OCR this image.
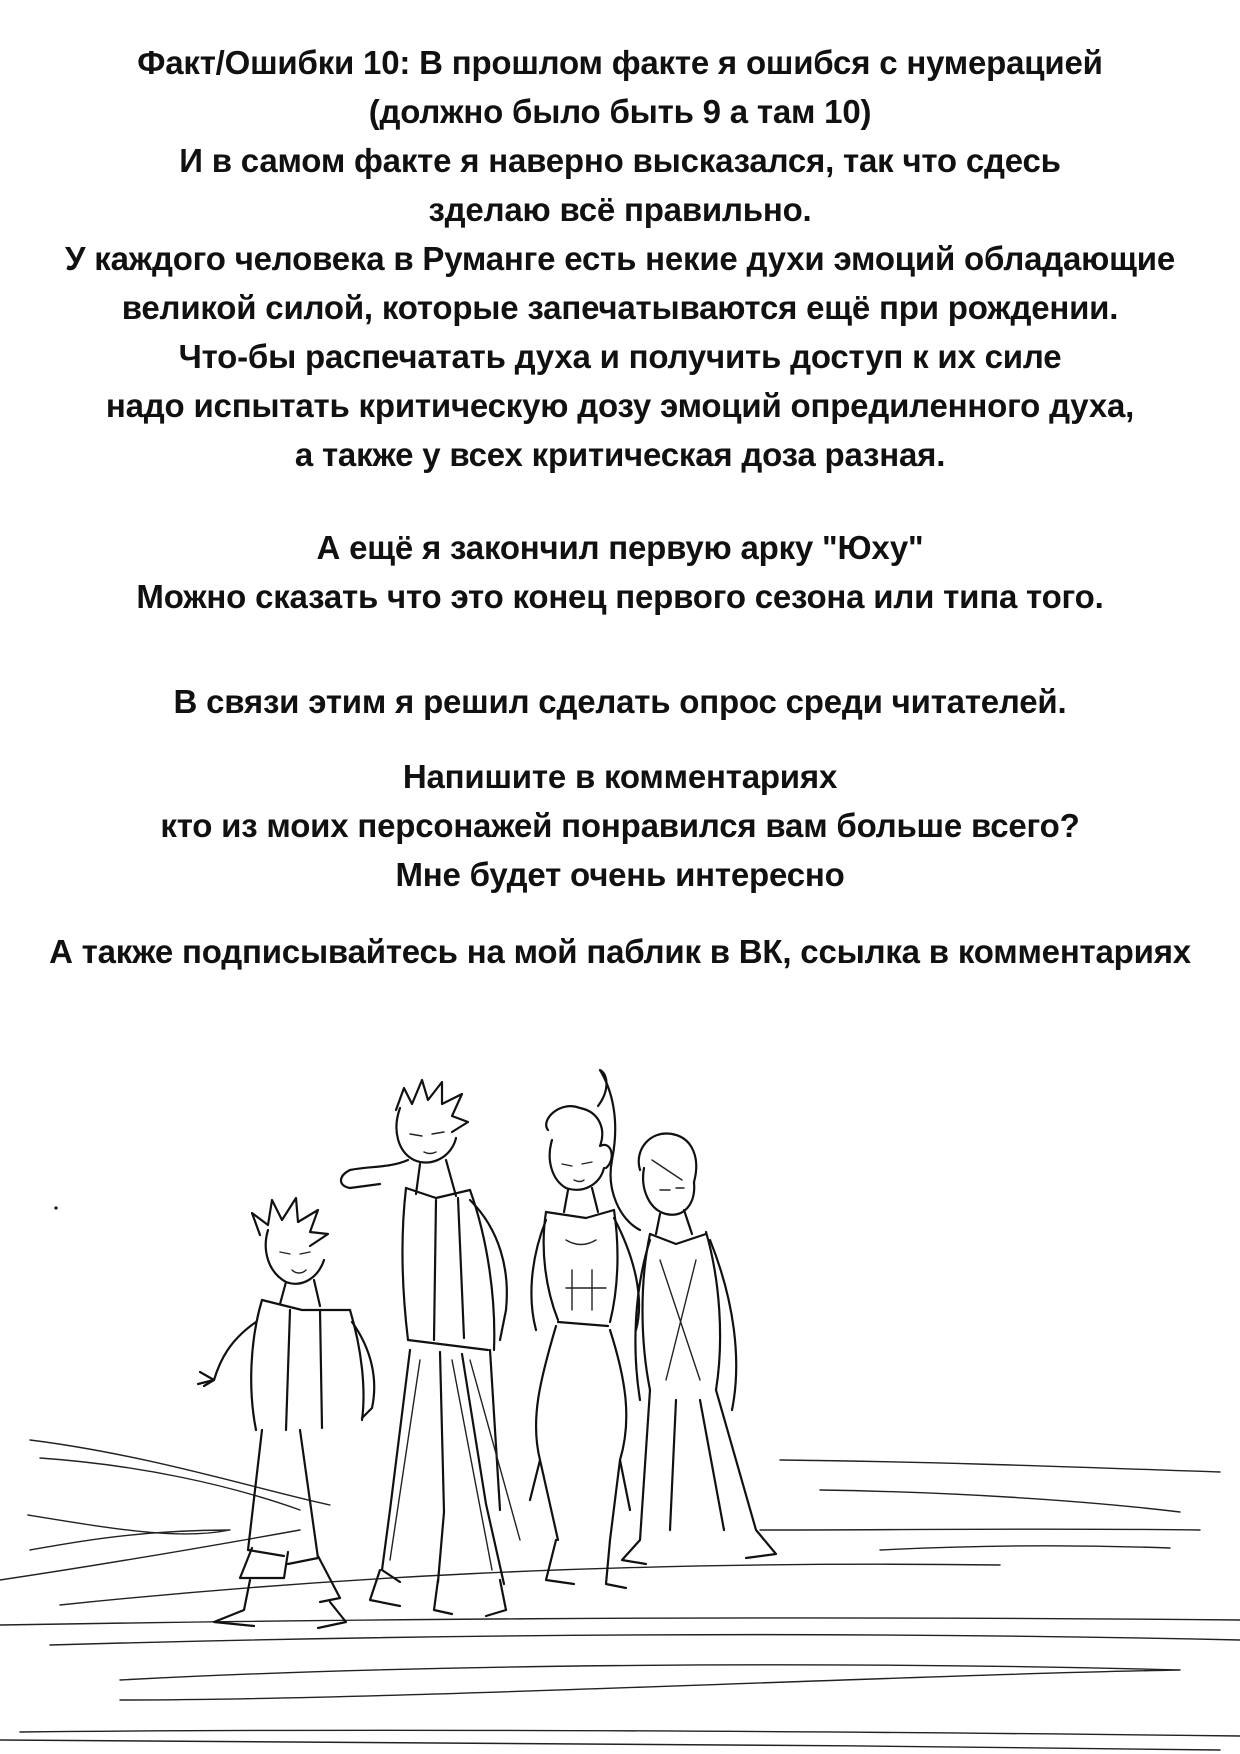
Факт/Ошибки 10: В прошлом факте я ошибся с нумерацией
(должно было быть 9 а там 10)
И в самом факте я наверно высказался, так что сдесь
зделаю всё правильно.
У каждого человека в Руманге есть некие духи эмоций обладающие
великой силой, которые запечатываются ещё при рождении.
Что-бы распечатать духа и получить доступ к их силе
надо испытать критическую дозу эмоций опредиленного духа,
а также у всех критическая доза разная.
А ещё я закончил первую арку "Юху"
Можно сказать что это конец первого сезона или типа того.
В связи этим я решил сделать опрос среди читателей.
Напишите в комментариях
кто из моих персонажей понравился вам больше всего?
Мне будет очень интересно
А также подписывайтесь на мой паблик в ВК, ссылка в комментариях
